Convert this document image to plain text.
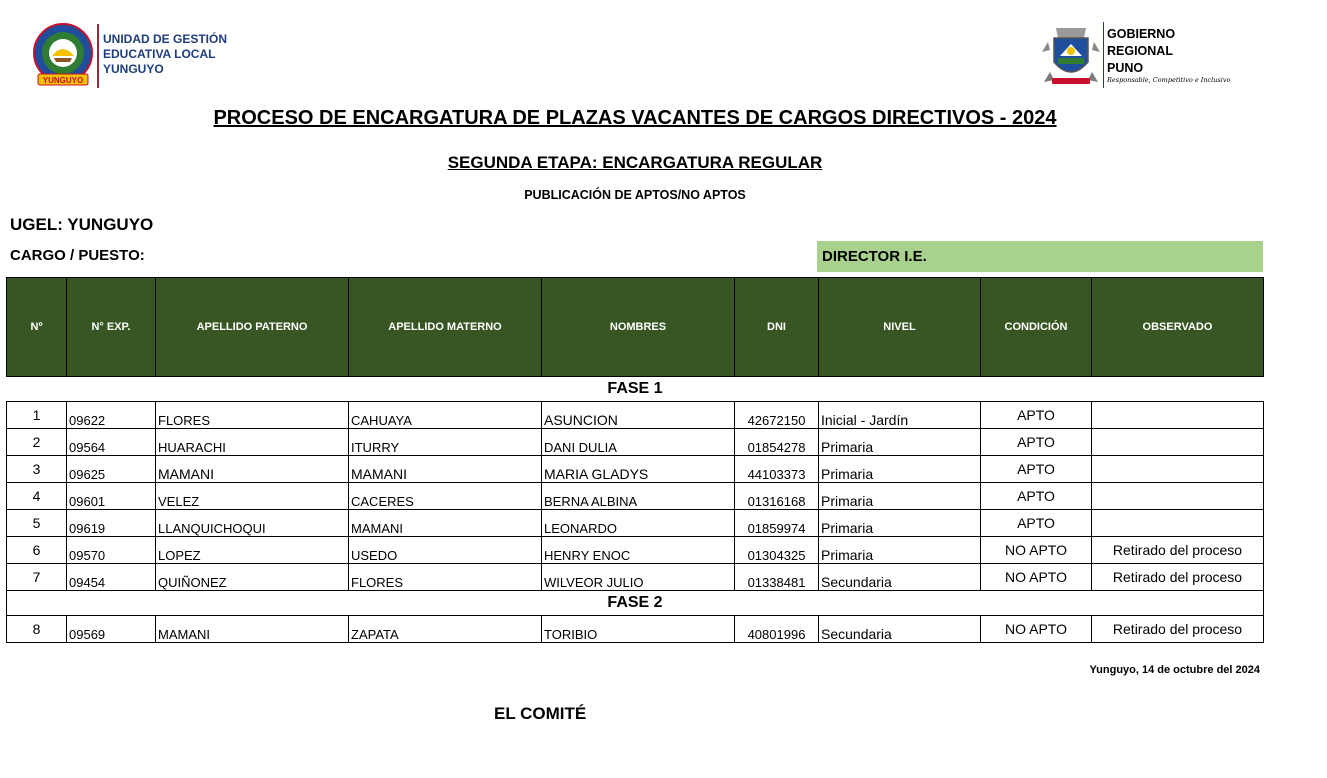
YUNGUYO
UNIDAD DE GESTIÓN
EDUCATIVA LOCAL
YUNGUYO
GOBIERNO
REGIONAL
PUNO
Responsable, Competitivo e Inclusivo
PROCESO DE ENCARGATURA DE PLAZAS VACANTES DE CARGOS DIRECTIVOS - 2024
SEGUNDA ETAPA: ENCARGATURA REGULAR
PUBLICACIÓN DE APTOS/NO APTOS
UGEL: YUNGUYO
CARGO / PUESTO:	DIRECTOR I.E.
Nº	N° EXP.	APELLIDO PATERNO	APELLIDO MATERNO	NOMBRES	DNI	NIVEL	CONDICIÓN	OBSERVADO
FASE 1								
1	09622	FLORES	CAHUAYA	ASUNCION	42672150	Inicial - Jardín	APTO	
2	09564	HUARACHI	ITURRY	DANI DULIA	01854278	Primaria	APTO	
3	09625	MAMANI	MAMANI	MARIA GLADYS	44103373	Primaria	APTO	
4	09601	VELEZ	CACERES	BERNA ALBINA	01316168	Primaria	APTO	
5	09619	LLANQUICHOQUI	MAMANI	LEONARDO	01859974	Primaria	APTO	
6	09570	LOPEZ	USEDO	HENRY ENOC	01304325	Primaria	NO APTO	Retirado del proceso
7	09454	QUIÑONEZ	FLORES	WILVEOR JULIO	01338481	Secundaria	NO APTO	Retirado del proceso
FASE 2								
8	09569	MAMANI	ZAPATA	TORIBIO	40801996	Secundaria	NO APTO	Retirado del proceso
Yunguyo, 14 de octubre del 2024
EL COMITÉ
